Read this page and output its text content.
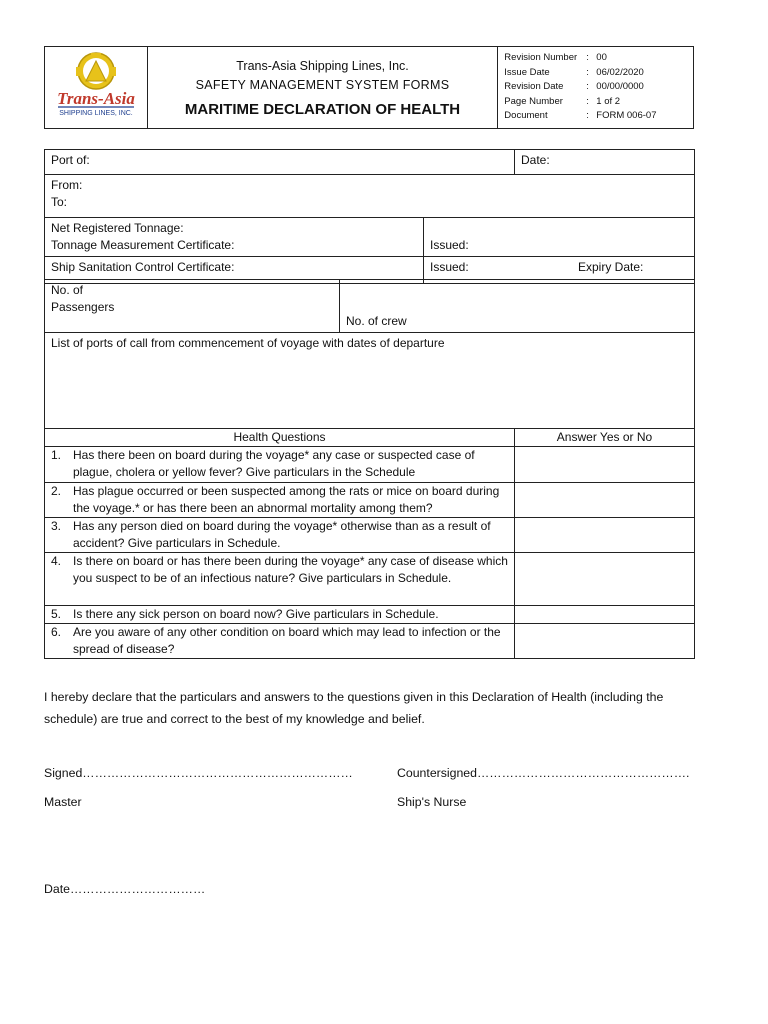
Trans-Asia
SHIPPING LINES, INC.

Trans-Asia Shipping Lines, Inc.
SAFETY MANAGEMENT SYSTEM FORMS
MARITIME DECLARATION OF HEALTH

Revision Number : 00
Issue Date	: 06/02/2020
Revision Date	: 00/00/0000
Page Number	: 1 of 2
Document	: FORM 006-07
Port of:	Date:

From:
To:
Net Registered Tonnage:
Tonnage Measurement Certificate:	Issued:
Ship Sanitation Control Certificate:	Issued: Expiry Date:
No. of
Passengers
	No. of crew
List of ports of call from commencement of voyage with dates of departure
Health Questions	Answer Yes or No

1. Has there been on board during the voyage* any case or suspected case of plague, cholera or yellow fever? Give particulars in the Schedule	

2. Has plague occurred or been suspected among the rats or mice on board during the voyage.* or has there been an abnormal mortality among them?	

3. Has any person died on board during the voyage* otherwise than as a result of accident? Give particulars in Schedule.	

4. Is there on board or has there been during the voyage* any case of disease which you suspect to be of an infectious nature? Give particulars in Schedule.	

5. Is there any sick person on board now? Give particulars in Schedule.	

6. Are you aware of any other condition on board which may lead to infection or the spread of disease?	

I hereby declare that the particulars and answers to the questions given in this Declaration of Health (including the schedule) are true and correct to the best of my knowledge and belief.
Signed…………………………………………………………	Countersigned…………………………………………….
Master	Ship's Nurse
Date……………………………
